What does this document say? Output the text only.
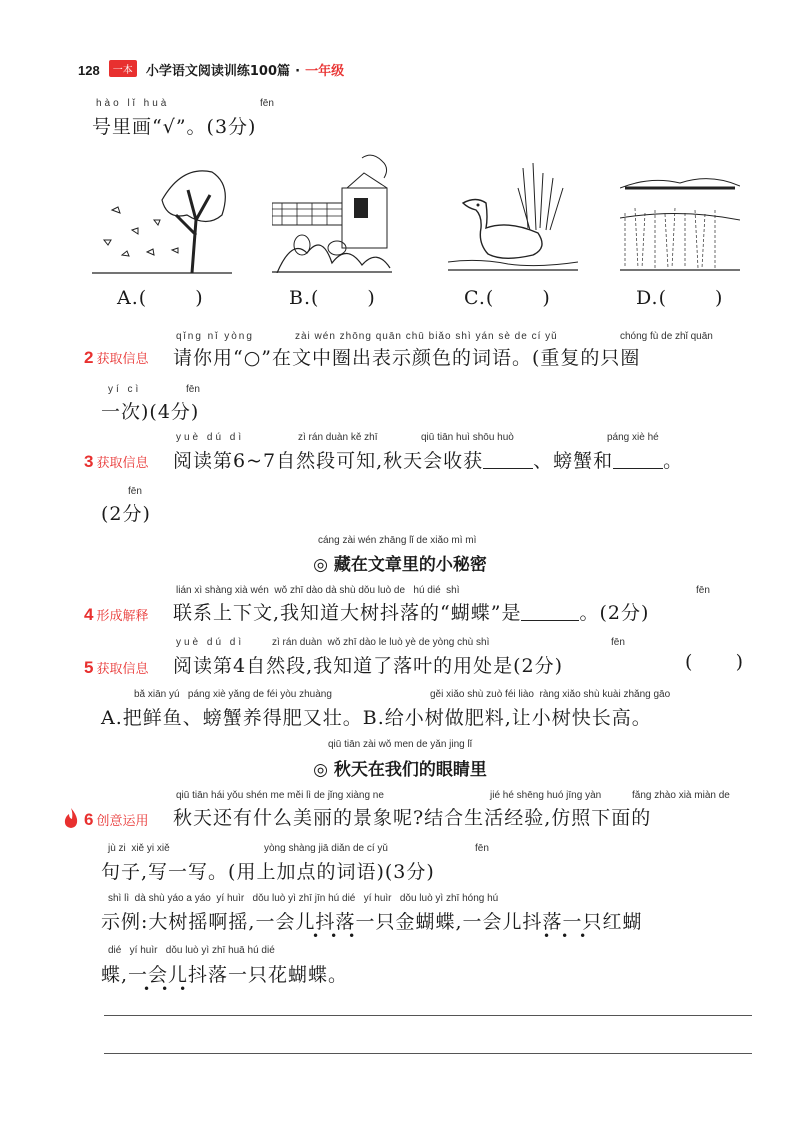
128 一本 小学语文阅读训练100篇 · 一年级
hào lǐ huà	fēn
号里画“√”。(3分)
A.(	)	B.(	)	C.(	)	D.(	)
qǐng nǐ yòng	zài wén zhōng quān chū biǎo shì yán sè de cí yǔ	chóng fù de zhǐ quān
2 获取信息 请你用“○”在文中圈出表示颜色的词语。(重复的只圈
yí cì	fēn
一次)(4分)
yuè dú dì	zì rán duàn kě zhī	qiū tiān huì shōu huò	páng xiè hé
3 获取信息 阅读第6~7自然段可知,秋天会收获	、螃蟹和	。
fēn
(2分)
cáng zài wén zhāng lǐ de xiǎo mì mì
◎ 藏在文章里的小秘密
lián xì shàng xià wén  wǒ zhī dào dà shù dǒu luò de   hú dié  shì	fēn
4 形成解释 联系上下文,我知道大树抖落的“蝴蝶”是	。(2分)
yuè dú dì	zì rán duàn  wǒ zhī dào le luò yè de yòng chù shì	fēn
5 获取信息 阅读第4自然段,我知道了落叶的用处是(2分)	(      )
bǎ xiān yú   páng xiè yǎng de féi yòu zhuàng	gěi xiǎo shù zuò féi liào  ràng xiǎo shù kuài zhǎng gāo
A.把鲜鱼、螃蟹养得肥又壮。B.给小树做肥料,让小树快长高。
qiū tiān zài wǒ men de yǎn jing lǐ
◎ 秋天在我们的眼睛里
qiū tiān hái yǒu shén me měi lì de jǐng xiàng ne	jié hé shēng huó jīng yàn	fǎng zhào xià miàn de
6 创意运用 秋天还有什么美丽的景象呢?结合生活经验,仿照下面的
jù zi  xiě yi xiě	yòng shàng jiā diǎn de cí yǔ	fēn
句子,写一写。(用上加点的词语)(3分)
shì lì  dà shù yáo a yáo  yí huìr   dǒu luò yì zhī jīn hú dié   yí huìr   dǒu luò yì zhī hóng hú
示例:大树摇啊摇,一会儿抖落一只金蝴蝶,一会儿抖落一只红蝴
•••	•••
dié   yí huìr   dǒu luò yì zhī huā hú dié
蝶,一会儿抖落一只花蝴蝶。
•••
